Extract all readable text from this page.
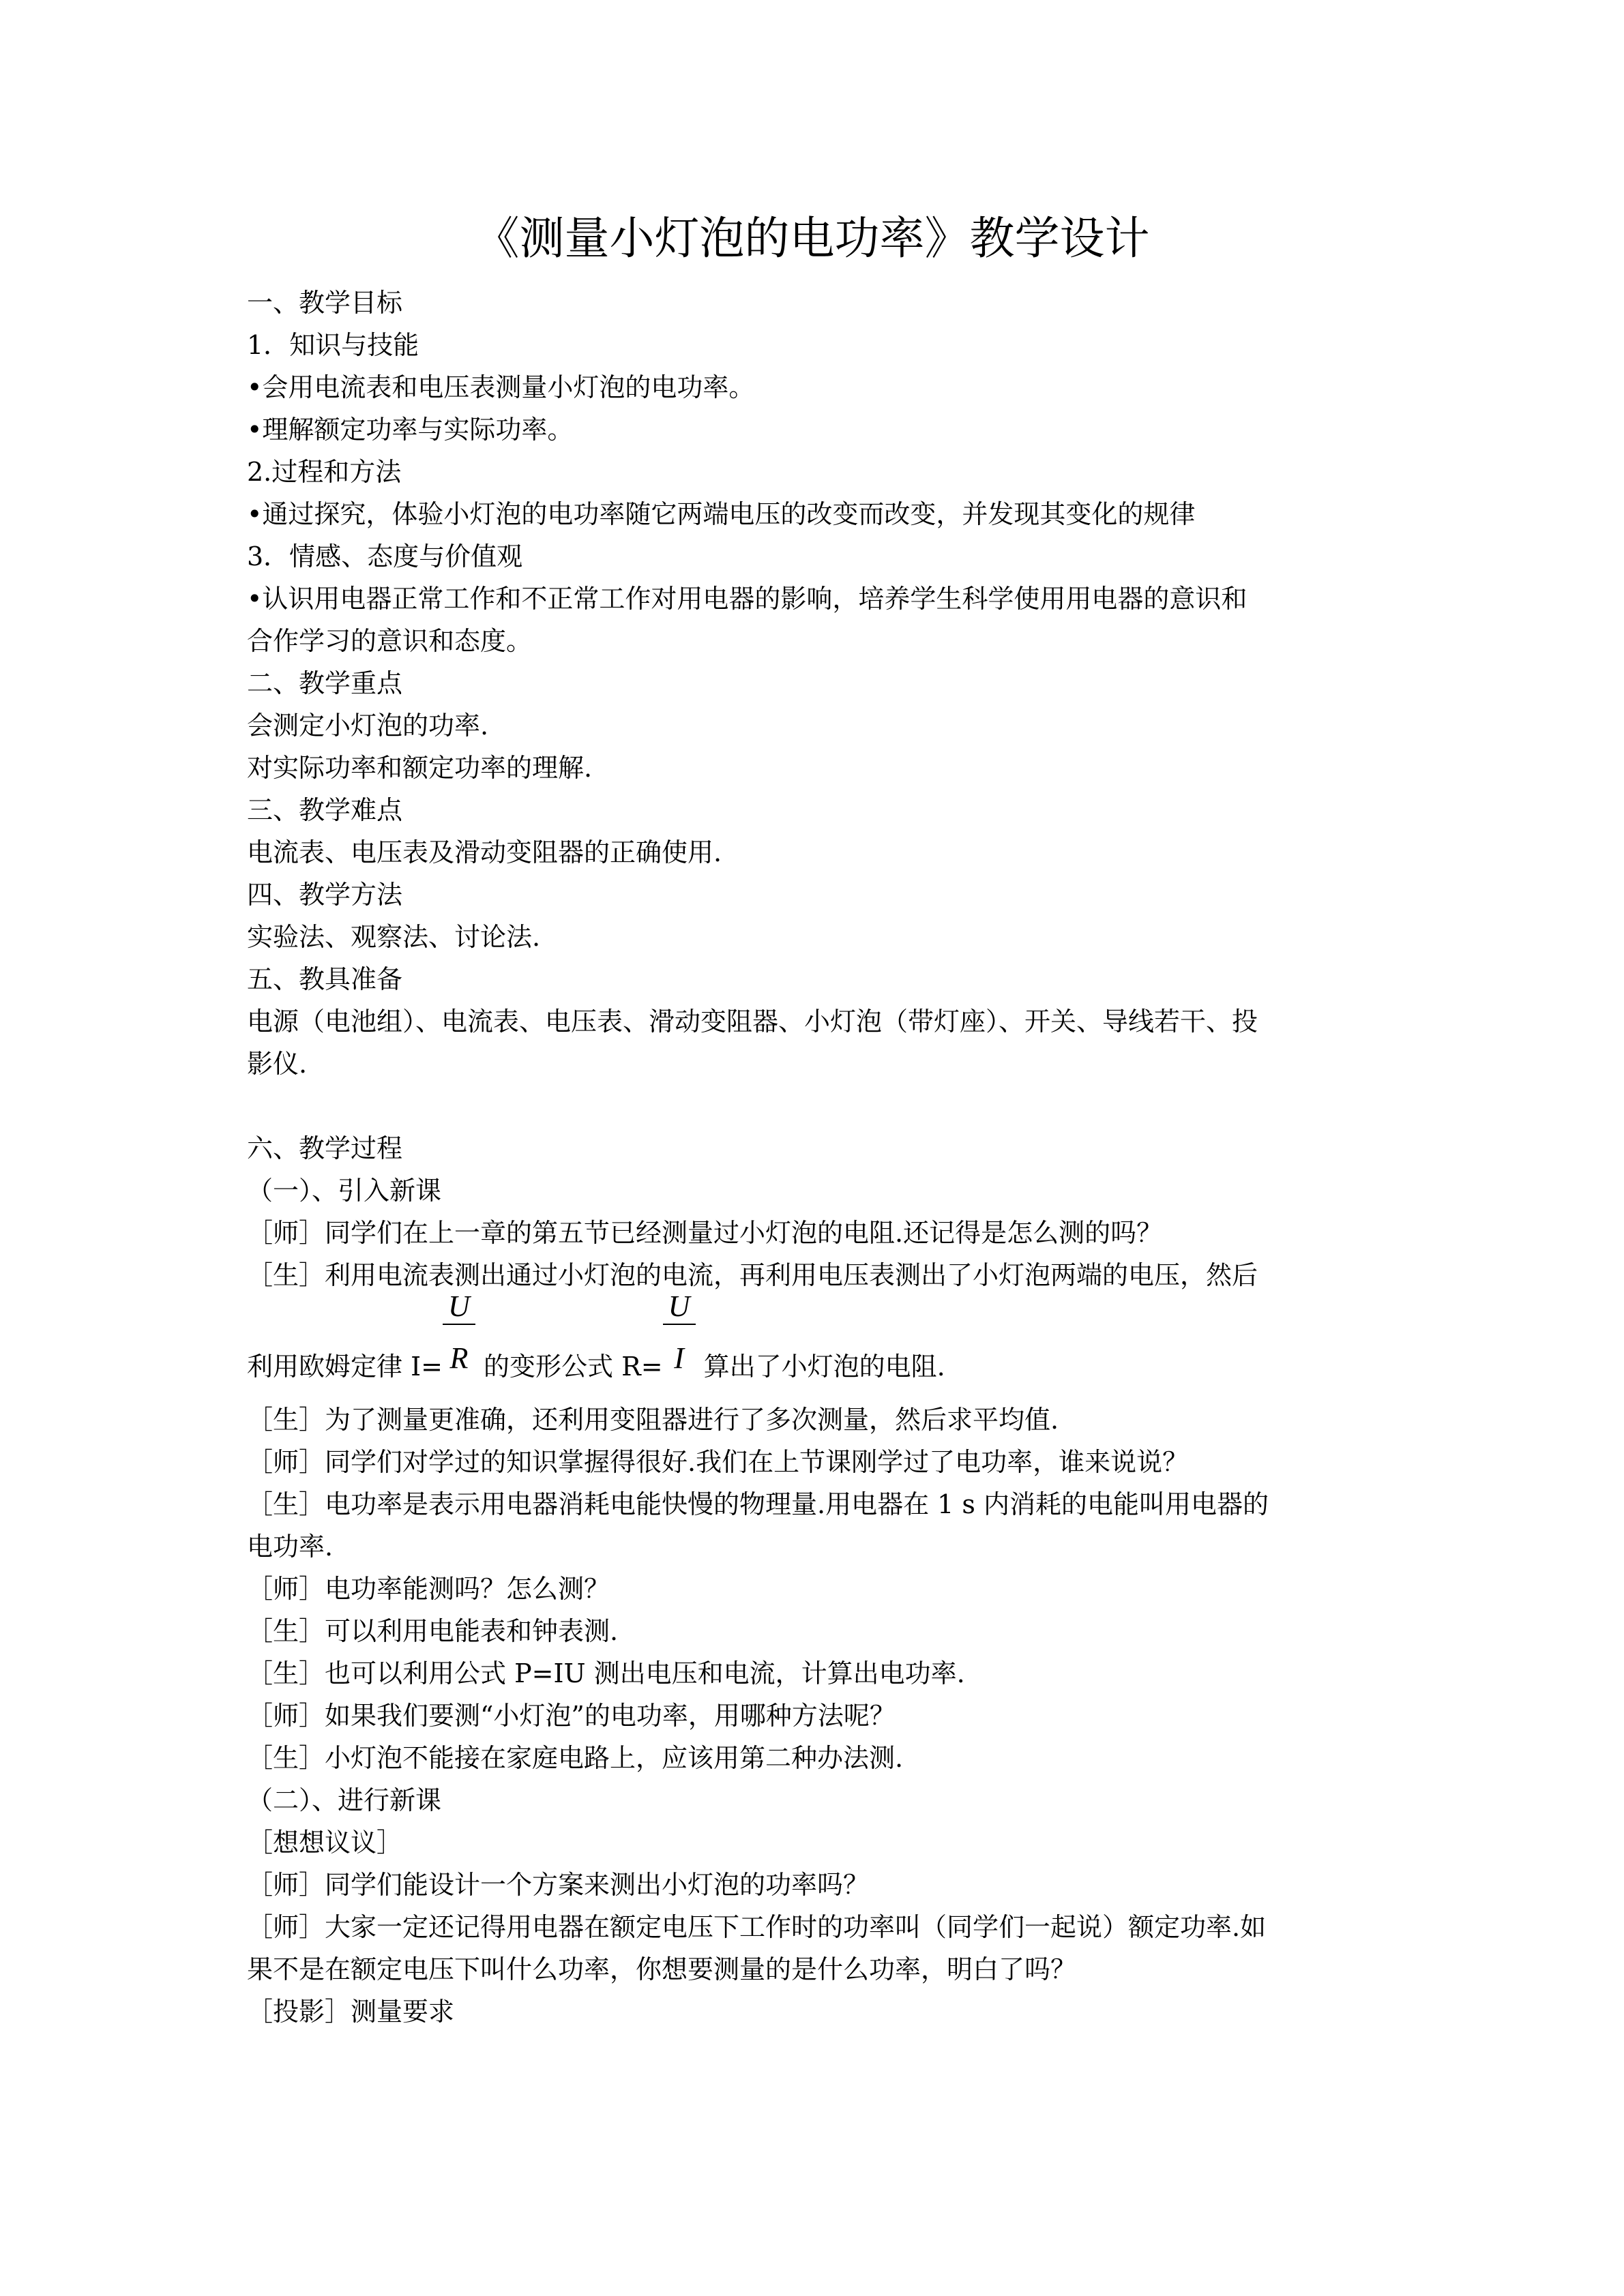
《测量小灯泡的电功率》教学设计
一、教学目标
1．知识与技能
•会用电流表和电压表测量小灯泡的电功率。
•理解额定功率与实际功率。
2.过程和方法
•通过探究，体验小灯泡的电功率随它两端电压的改变而改变，并发现其变化的规律
3．情感、态度与价值观
•认识用电器正常工作和不正常工作对用电器的影响，培养学生科学使用用电器的意识和
合作学习的意识和态度。
二、教学重点
会测定小灯泡的功率.
对实际功率和额定功率的理解.
三、教学难点
电流表、电压表及滑动变阻器的正确使用.
四、教学方法
实验法、观察法、讨论法.
五、教具准备
电源（电池组）、电流表、电压表、滑动变阻器、小灯泡（带灯座）、开关、导线若干、投
影仪.
六、教学过程
（一）、引入新课
［师］同学们在上一章的第五节已经测量过小灯泡的电阻.还记得是怎么测的吗？
［生］利用电流表测出通过小灯泡的电流，再利用电压表测出了小灯泡两端的电压，然后
利用欧姆定律 $I= \frac{U}{R}$ 的变形公式 $R= \frac{U}{I}$ 算出了小灯泡的电阻.
［生］为了测量更准确，还利用变阻器进行了多次测量，然后求平均值.
［师］同学们对学过的知识掌握得很好.我们在上节课刚学过了电功率，谁来说说？
［生］电功率是表示用电器消耗电能快慢的物理量.用电器在 1 s 内消耗的电能叫用电器的
电功率.
［师］电功率能测吗？怎么测？
［生］可以利用电能表和钟表测.
［生］也可以利用公式 P=IU 测出电压和电流，计算出电功率.
［师］如果我们要测“小灯泡”的电功率，用哪种方法呢？
［生］小灯泡不能接在家庭电路上，应该用第二种办法测.
（二）、进行新课
［想想议议］
［师］同学们能设计一个方案来测出小灯泡的功率吗？
［师］大家一定还记得用电器在额定电压下工作时的功率叫（同学们一起说）额定功率.如
果不是在额定电压下叫什么功率，你想要测量的是什么功率，明白了吗？
［投影］测量要求
